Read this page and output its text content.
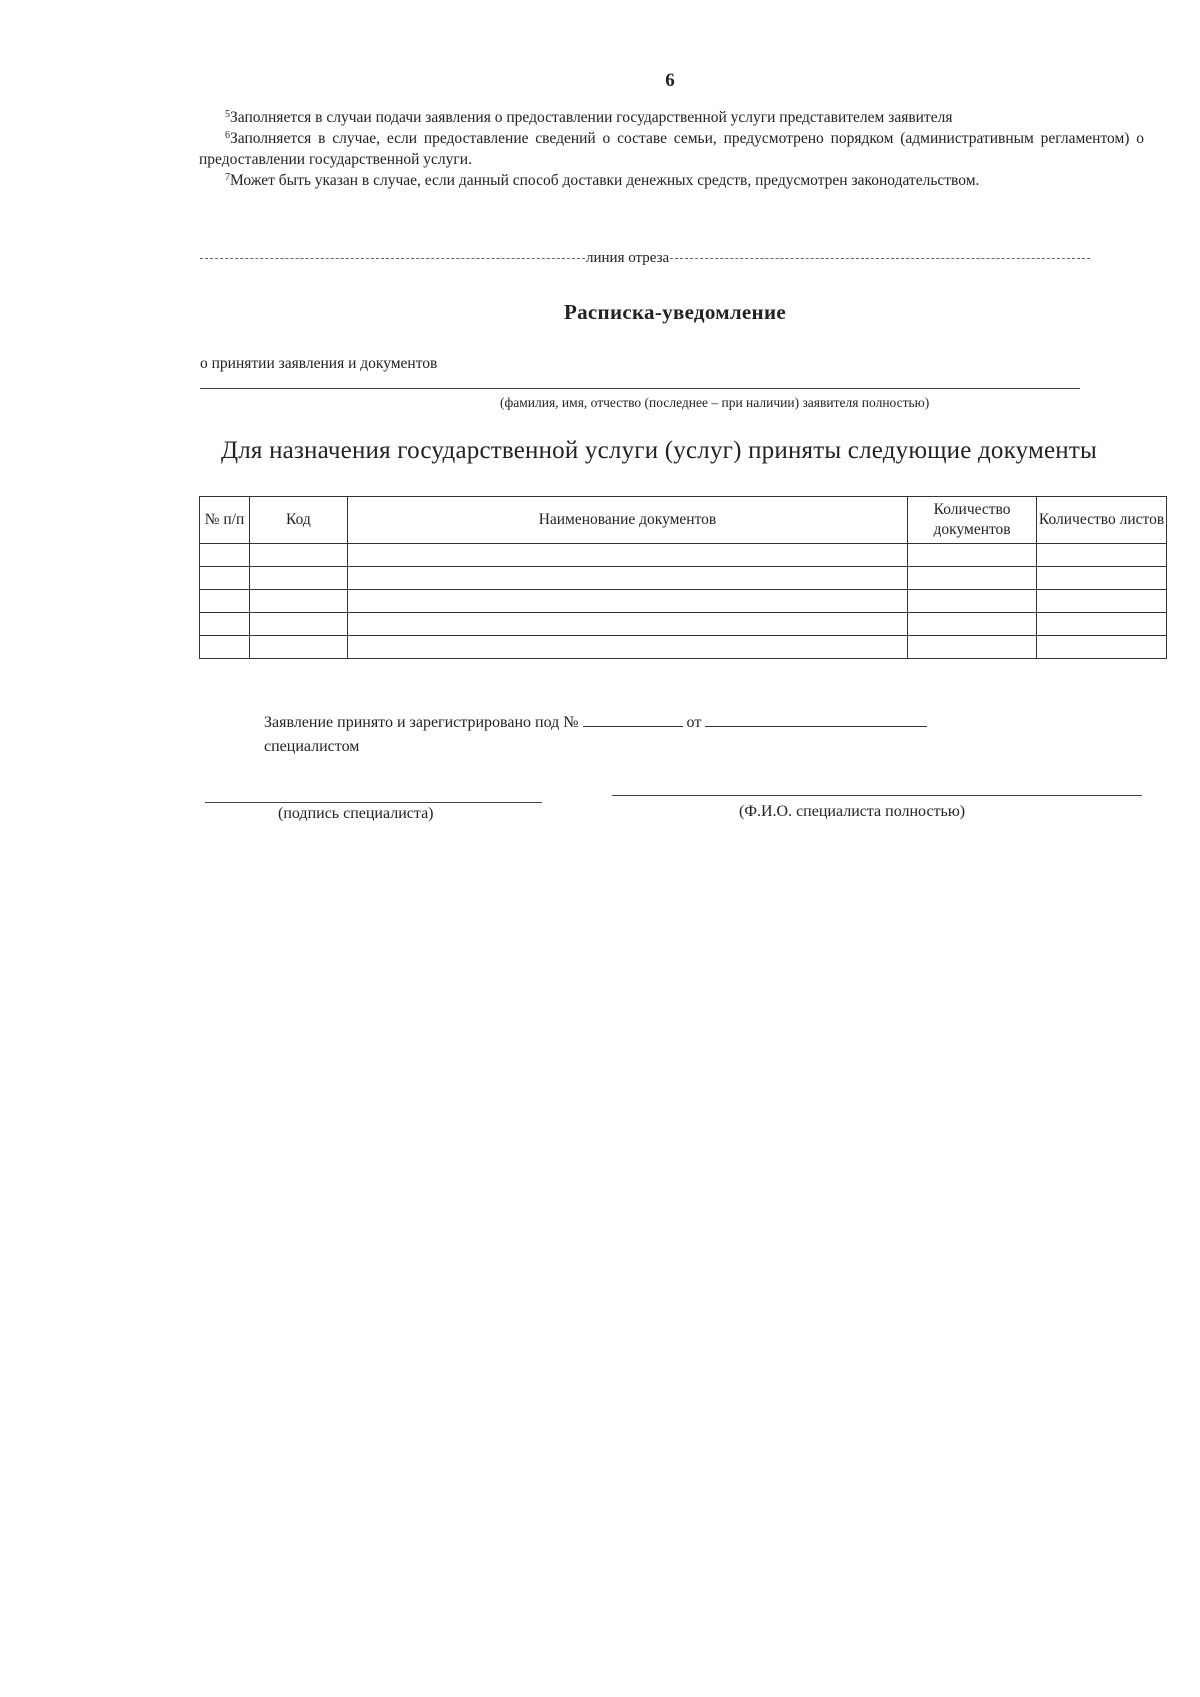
6

$^5$Заполняется в случаи подачи заявления о предоставлении государственной услуги представителем заявителя

$^6$Заполняется в случае, если предоставление сведений о составе семьи, предусмотрено порядком (административным регламентом) о предоставлении государственной услуги.

$^7$Может быть указан в случае, если данный способ доставки денежных средств, предусмотрен законодательством.

линия отреза
Расписка-уведомление
о принятии заявления и документов
(фамилия, имя, отчество (последнее – при наличии) заявителя полностью)
Для назначения государственной услуги (услуг) приняты следующие документы
№ п/п	Код	Наименование документов	Количество документов	Количество листов

Заявление принято и зарегистрировано под №	от
специалистом
(подпись специалиста)	(Ф.И.О. специалиста полностью)
